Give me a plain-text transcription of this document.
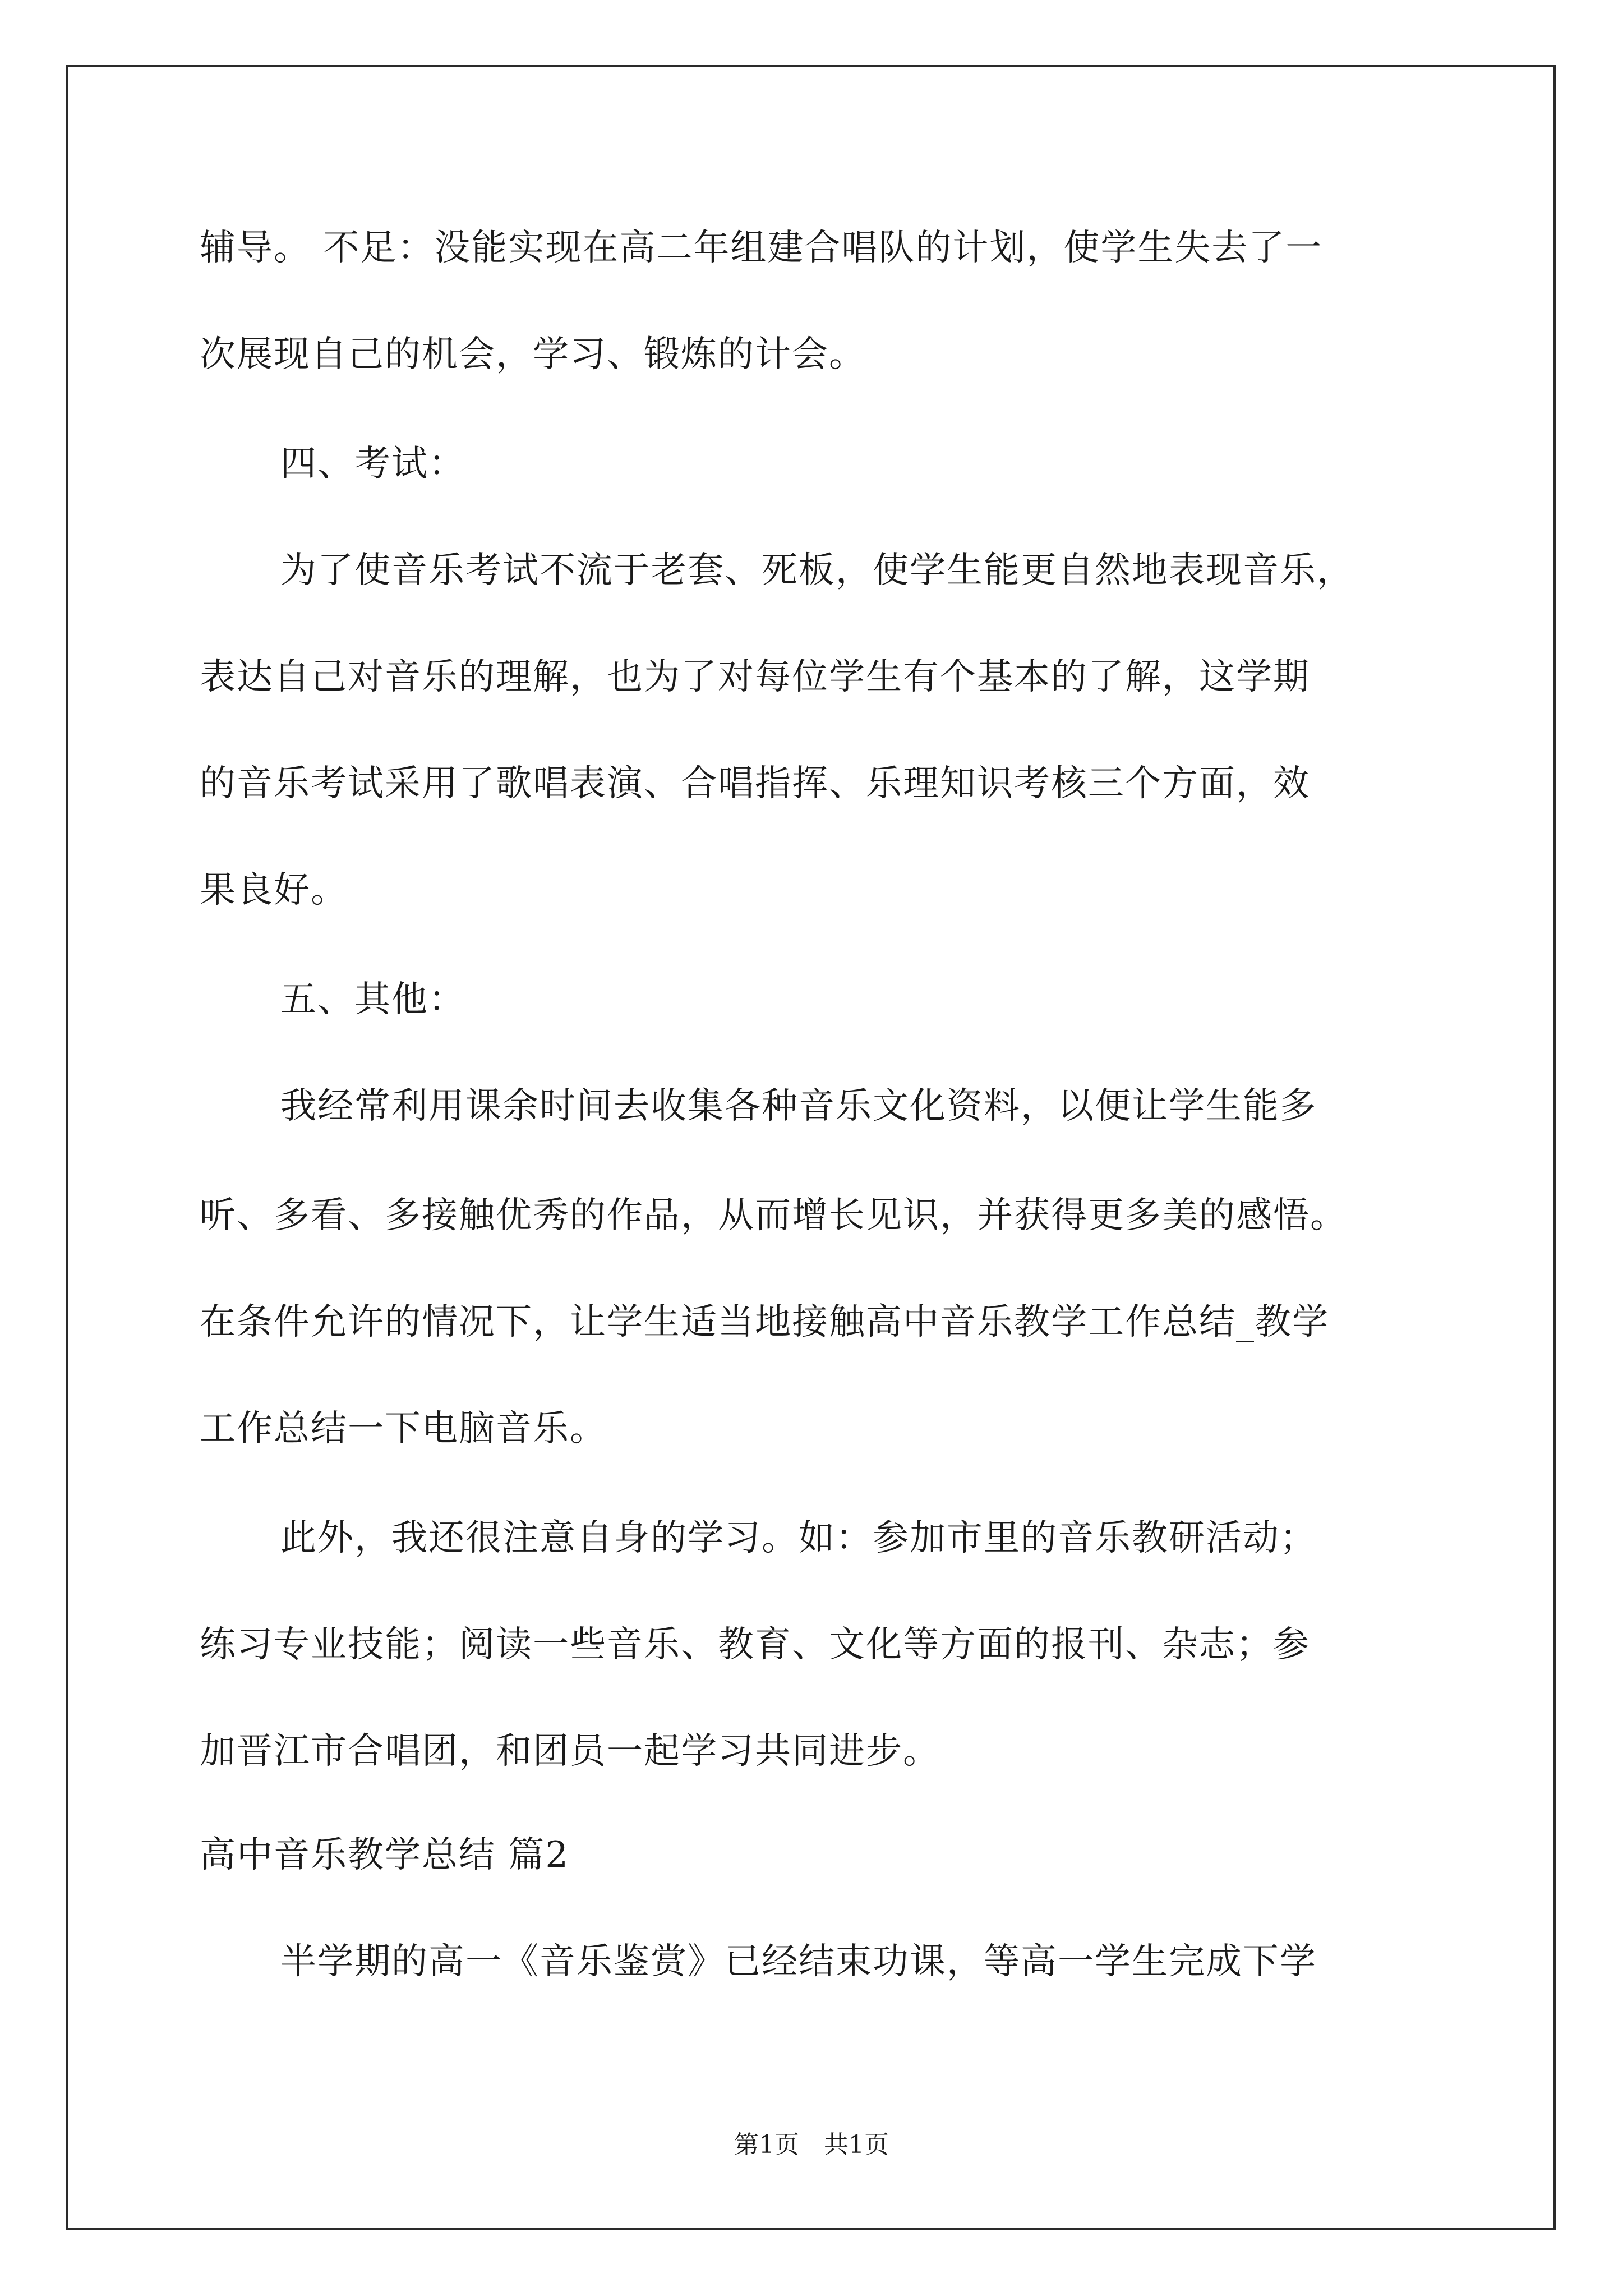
辅导。 不足：没能实现在高二年组建合唱队的计划，使学生失去了一
次展现自己的机会，学习、锻炼的计会。
四、考试：
为了使音乐考试不流于老套、死板，使学生能更自然地表现音乐，
表达自己对音乐的理解，也为了对每位学生有个基本的了解，这学期
的音乐考试采用了歌唱表演、合唱指挥、乐理知识考核三个方面，效
果良好。
五、其他：
我经常利用课余时间去收集各种音乐文化资料，以便让学生能多
听、多看、多接触优秀的作品，从而增长见识，并获得更多美的感悟。
在条件允许的情况下，让学生适当地接触高中音乐教学工作总结_教学
工作总结一下电脑音乐。
此外，我还很注意自身的学习。如：参加市里的音乐教研活动；
练习专业技能；阅读一些音乐、教育、文化等方面的报刊、杂志；参
加晋江市合唱团，和团员一起学习共同进步。
高中音乐教学总结 篇2
半学期的高一《音乐鉴赏》已经结束功课，等高一学生完成下学
第1页　共1页
